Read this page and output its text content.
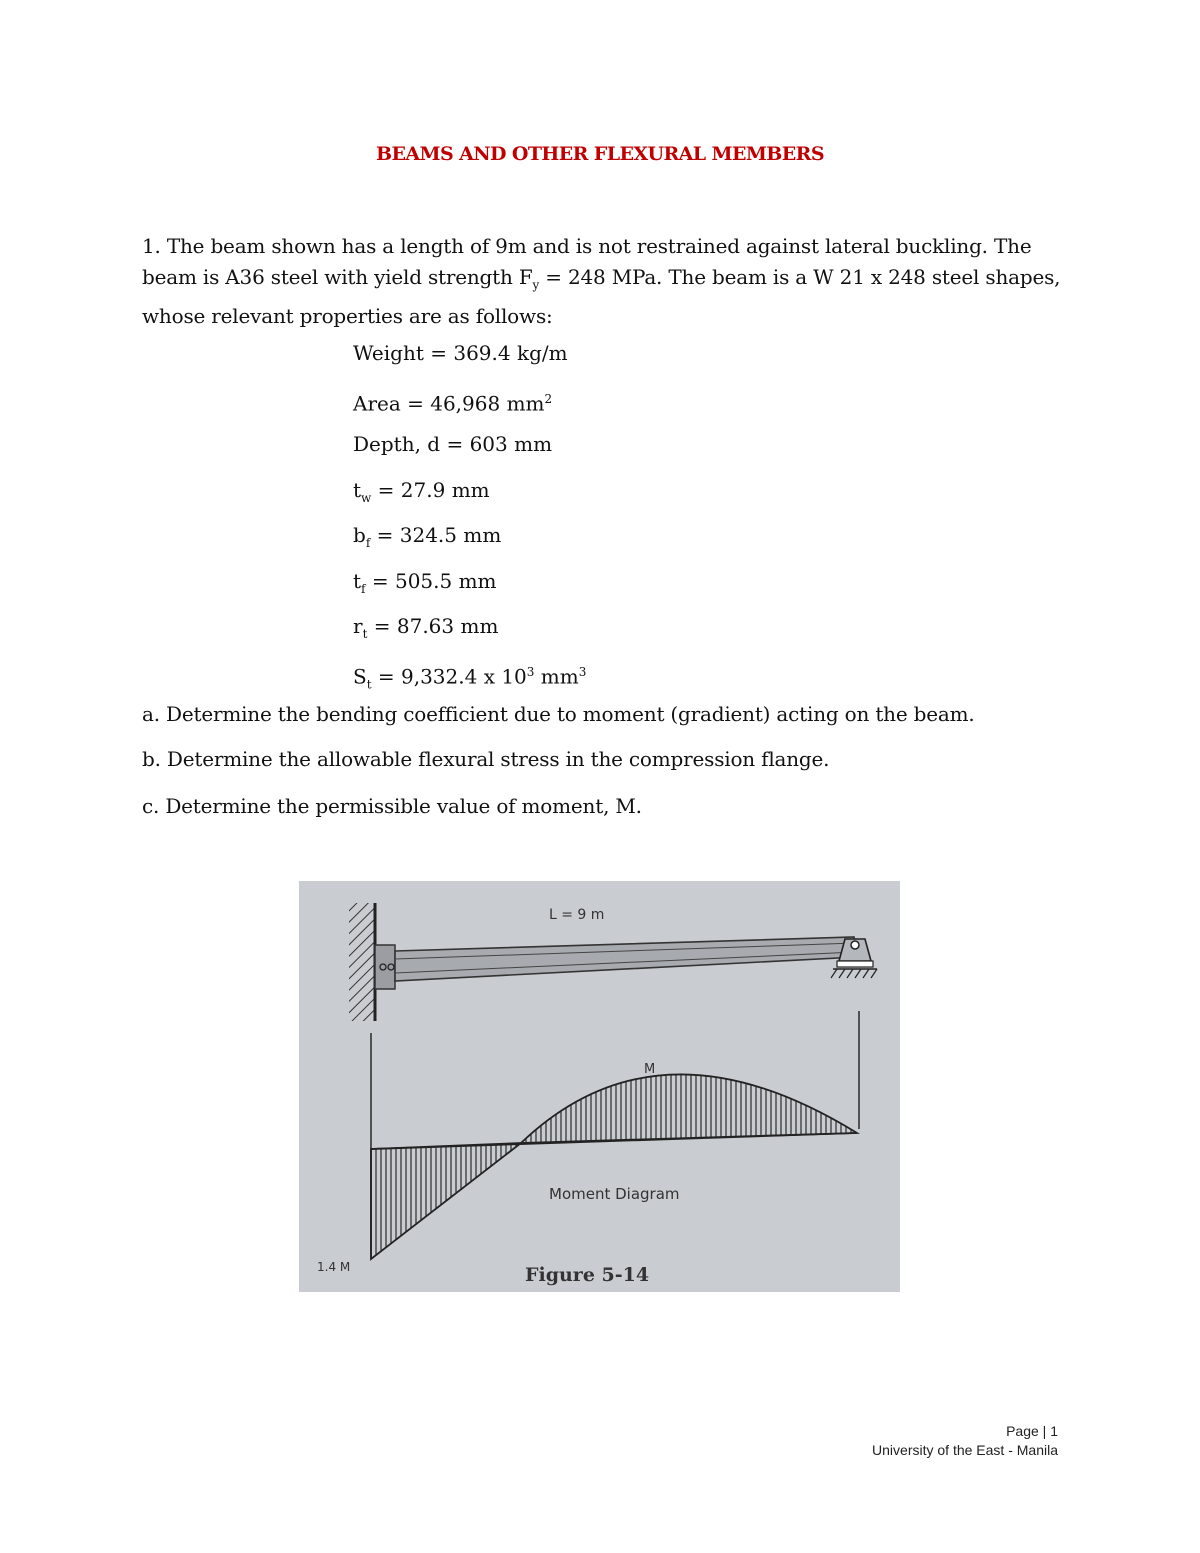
BEAMS AND OTHER FLEXURAL MEMBERS
1. The beam shown has a length of 9m and is not restrained against lateral buckling. The beam is A36 steel with yield strength $F_y = 248$ MPa. The beam is a W 21 x 248 steel shapes, whose relevant properties are as follows:
Weight = 369.4 kg/m
Area = 46,968 $mm^2$
Depth, d = 603 mm
$t_w = 27.9$ mm
$b_f = 324.5$ mm
$t_f = 505.5$ mm
$r_t = 87.63$ mm
$S_t = 9,332.4$ x $10^3$ $mm^3$
a. Determine the bending coefficient due to moment (gradient) acting on the beam.
b. Determine the allowable flexural stress in the compression flange.
c. Determine the permissible value of moment, M.
L = 9 m
M
1.4 M
Moment Diagram
Figure 5-14
Page | 1
University of the East - Manila
